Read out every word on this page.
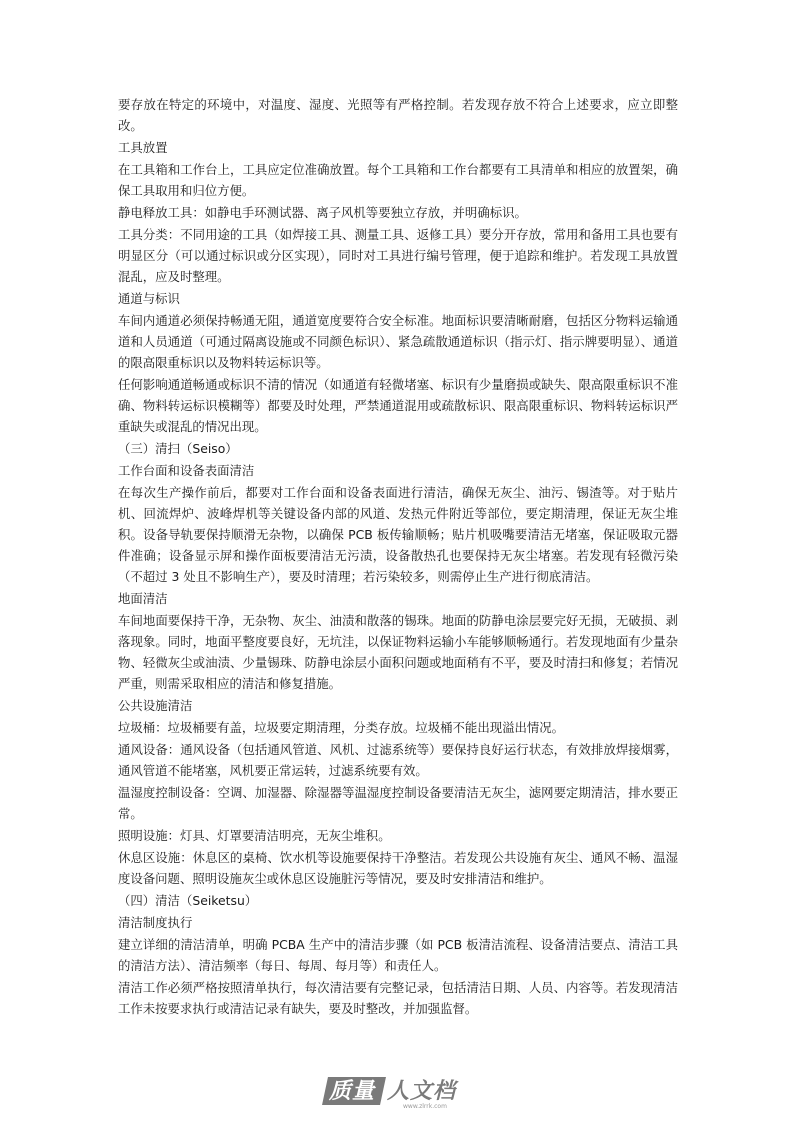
要存放在特定的环境中，对温度、湿度、光照等有严格控制。若发现存放不符合上述要求，应立即整改。

工具放置

在工具箱和工作台上，工具应定位准确放置。每个工具箱和工作台都要有工具清单和相应的放置架，确保工具取用和归位方便。

静电释放工具：如静电手环测试器、离子风机等要独立存放，并明确标识。

工具分类：不同用途的工具（如焊接工具、测量工具、返修工具）要分开存放，常用和备用工具也要有明显区分（可以通过标识或分区实现），同时对工具进行编号管理，便于追踪和维护。若发现工具放置混乱，应及时整理。

通道与标识

车间内通道必须保持畅通无阻，通道宽度要符合安全标准。地面标识要清晰耐磨，包括区分物料运输通道和人员通道（可通过隔离设施或不同颜色标识）、紧急疏散通道标识（指示灯、指示牌要明显）、通道的限高限重标识以及物料转运标识等。

任何影响通道畅通或标识不清的情况（如通道有轻微堵塞、标识有少量磨损或缺失、限高限重标识不准确、物料转运标识模糊等）都要及时处理，严禁通道混用或疏散标识、限高限重标识、物料转运标识严重缺失或混乱的情况出现。

（三）清扫（Seiso）

工作台面和设备表面清洁

在每次生产操作前后，都要对工作台面和设备表面进行清洁，确保无灰尘、油污、锡渣等。对于贴片机、回流焊炉、波峰焊机等关键设备内部的风道、发热元件附近等部位，要定期清理，保证无灰尘堆积。设备导轨要保持顺滑无杂物，以确保 PCB 板传输顺畅；贴片机吸嘴要清洁无堵塞，保证吸取元器件准确；设备显示屏和操作面板要清洁无污渍，设备散热孔也要保持无灰尘堵塞。若发现有轻微污染（不超过 3 处且不影响生产），要及时清理；若污染较多，则需停止生产进行彻底清洁。

地面清洁

车间地面要保持干净，无杂物、灰尘、油渍和散落的锡珠。地面的防静电涂层要完好无损，无破损、剥落现象。同时，地面平整度要良好，无坑洼，以保证物料运输小车能够顺畅通行。若发现地面有少量杂物、轻微灰尘或油渍、少量锡珠、防静电涂层小面积问题或地面稍有不平，要及时清扫和修复；若情况严重，则需采取相应的清洁和修复措施。

公共设施清洁

垃圾桶：垃圾桶要有盖，垃圾要定期清理，分类存放。垃圾桶不能出现溢出情况。

通风设备：通风设备（包括通风管道、风机、过滤系统等）要保持良好运行状态，有效排放焊接烟雾，通风管道不能堵塞，风机要正常运转，过滤系统要有效。

温湿度控制设备：空调、加湿器、除湿器等温湿度控制设备要清洁无灰尘，滤网要定期清洁，排水要正常。

照明设施：灯具、灯罩要清洁明亮，无灰尘堆积。

休息区设施：休息区的桌椅、饮水机等设施要保持干净整洁。若发现公共设施有灰尘、通风不畅、温湿度设备问题、照明设施灰尘或休息区设施脏污等情况，要及时安排清洁和维护。

（四）清洁（Seiketsu）

清洁制度执行

建立详细的清洁清单，明确 PCBA 生产中的清洁步骤（如 PCB 板清洁流程、设备清洁要点、清洁工具的清洁方法）、清洁频率（每日、每周、每月等）和责任人。

清洁工作必须严格按照清单执行，每次清洁要有完整记录，包括清洁日期、人员、内容等。若发现清洁工作未按要求执行或清洁记录有缺失，要及时整改，并加强监督。

质量 人文档
www.zlrrk.com
